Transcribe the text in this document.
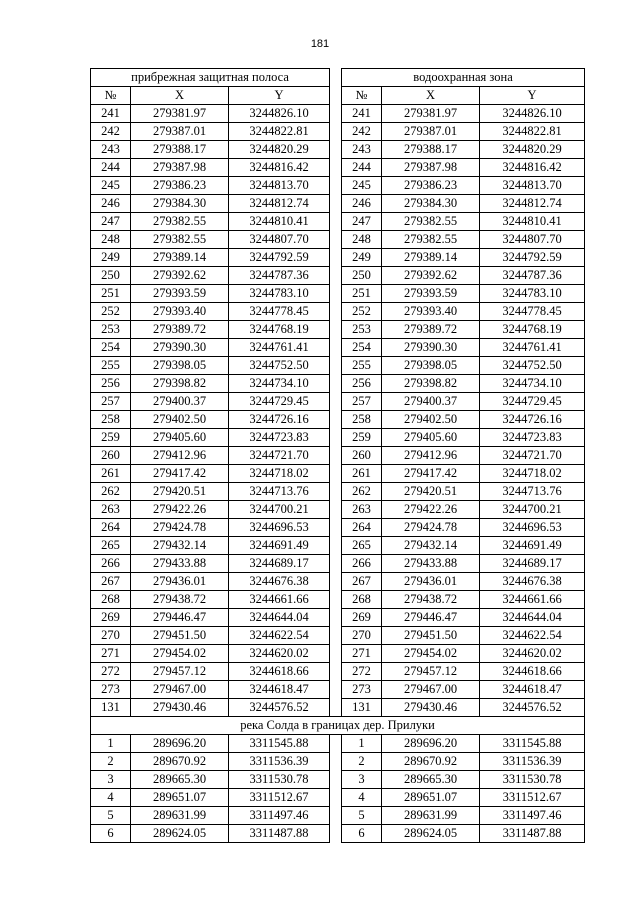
181
прибрежная защитная полоса				водоохранная зона		
№	X	Y		№	X	Y
241	279381.97	3244826.10		241	279381.97	3244826.10
242	279387.01	3244822.81		242	279387.01	3244822.81
243	279388.17	3244820.29		243	279388.17	3244820.29
244	279387.98	3244816.42		244	279387.98	3244816.42
245	279386.23	3244813.70		245	279386.23	3244813.70
246	279384.30	3244812.74		246	279384.30	3244812.74
247	279382.55	3244810.41		247	279382.55	3244810.41
248	279382.55	3244807.70		248	279382.55	3244807.70
249	279389.14	3244792.59		249	279389.14	3244792.59
250	279392.62	3244787.36		250	279392.62	3244787.36
251	279393.59	3244783.10		251	279393.59	3244783.10
252	279393.40	3244778.45		252	279393.40	3244778.45
253	279389.72	3244768.19		253	279389.72	3244768.19
254	279390.30	3244761.41		254	279390.30	3244761.41
255	279398.05	3244752.50		255	279398.05	3244752.50
256	279398.82	3244734.10		256	279398.82	3244734.10
257	279400.37	3244729.45		257	279400.37	3244729.45
258	279402.50	3244726.16		258	279402.50	3244726.16
259	279405.60	3244723.83		259	279405.60	3244723.83
260	279412.96	3244721.70		260	279412.96	3244721.70
261	279417.42	3244718.02		261	279417.42	3244718.02
262	279420.51	3244713.76		262	279420.51	3244713.76
263	279422.26	3244700.21		263	279422.26	3244700.21
264	279424.78	3244696.53		264	279424.78	3244696.53
265	279432.14	3244691.49		265	279432.14	3244691.49
266	279433.88	3244689.17		266	279433.88	3244689.17
267	279436.01	3244676.38		267	279436.01	3244676.38
268	279438.72	3244661.66		268	279438.72	3244661.66
269	279446.47	3244644.04		269	279446.47	3244644.04
270	279451.50	3244622.54		270	279451.50	3244622.54
271	279454.02	3244620.02		271	279454.02	3244620.02
272	279457.12	3244618.66		272	279457.12	3244618.66
273	279467.00	3244618.47		273	279467.00	3244618.47
131	279430.46	3244576.52		131	279430.46	3244576.52
река Солда в границах дер. Прилуки						
1	289696.20	3311545.88		1	289696.20	3311545.88
2	289670.92	3311536.39		2	289670.92	3311536.39
3	289665.30	3311530.78		3	289665.30	3311530.78
4	289651.07	3311512.67		4	289651.07	3311512.67
5	289631.99	3311497.46		5	289631.99	3311497.46
6	289624.05	3311487.88		6	289624.05	3311487.88
